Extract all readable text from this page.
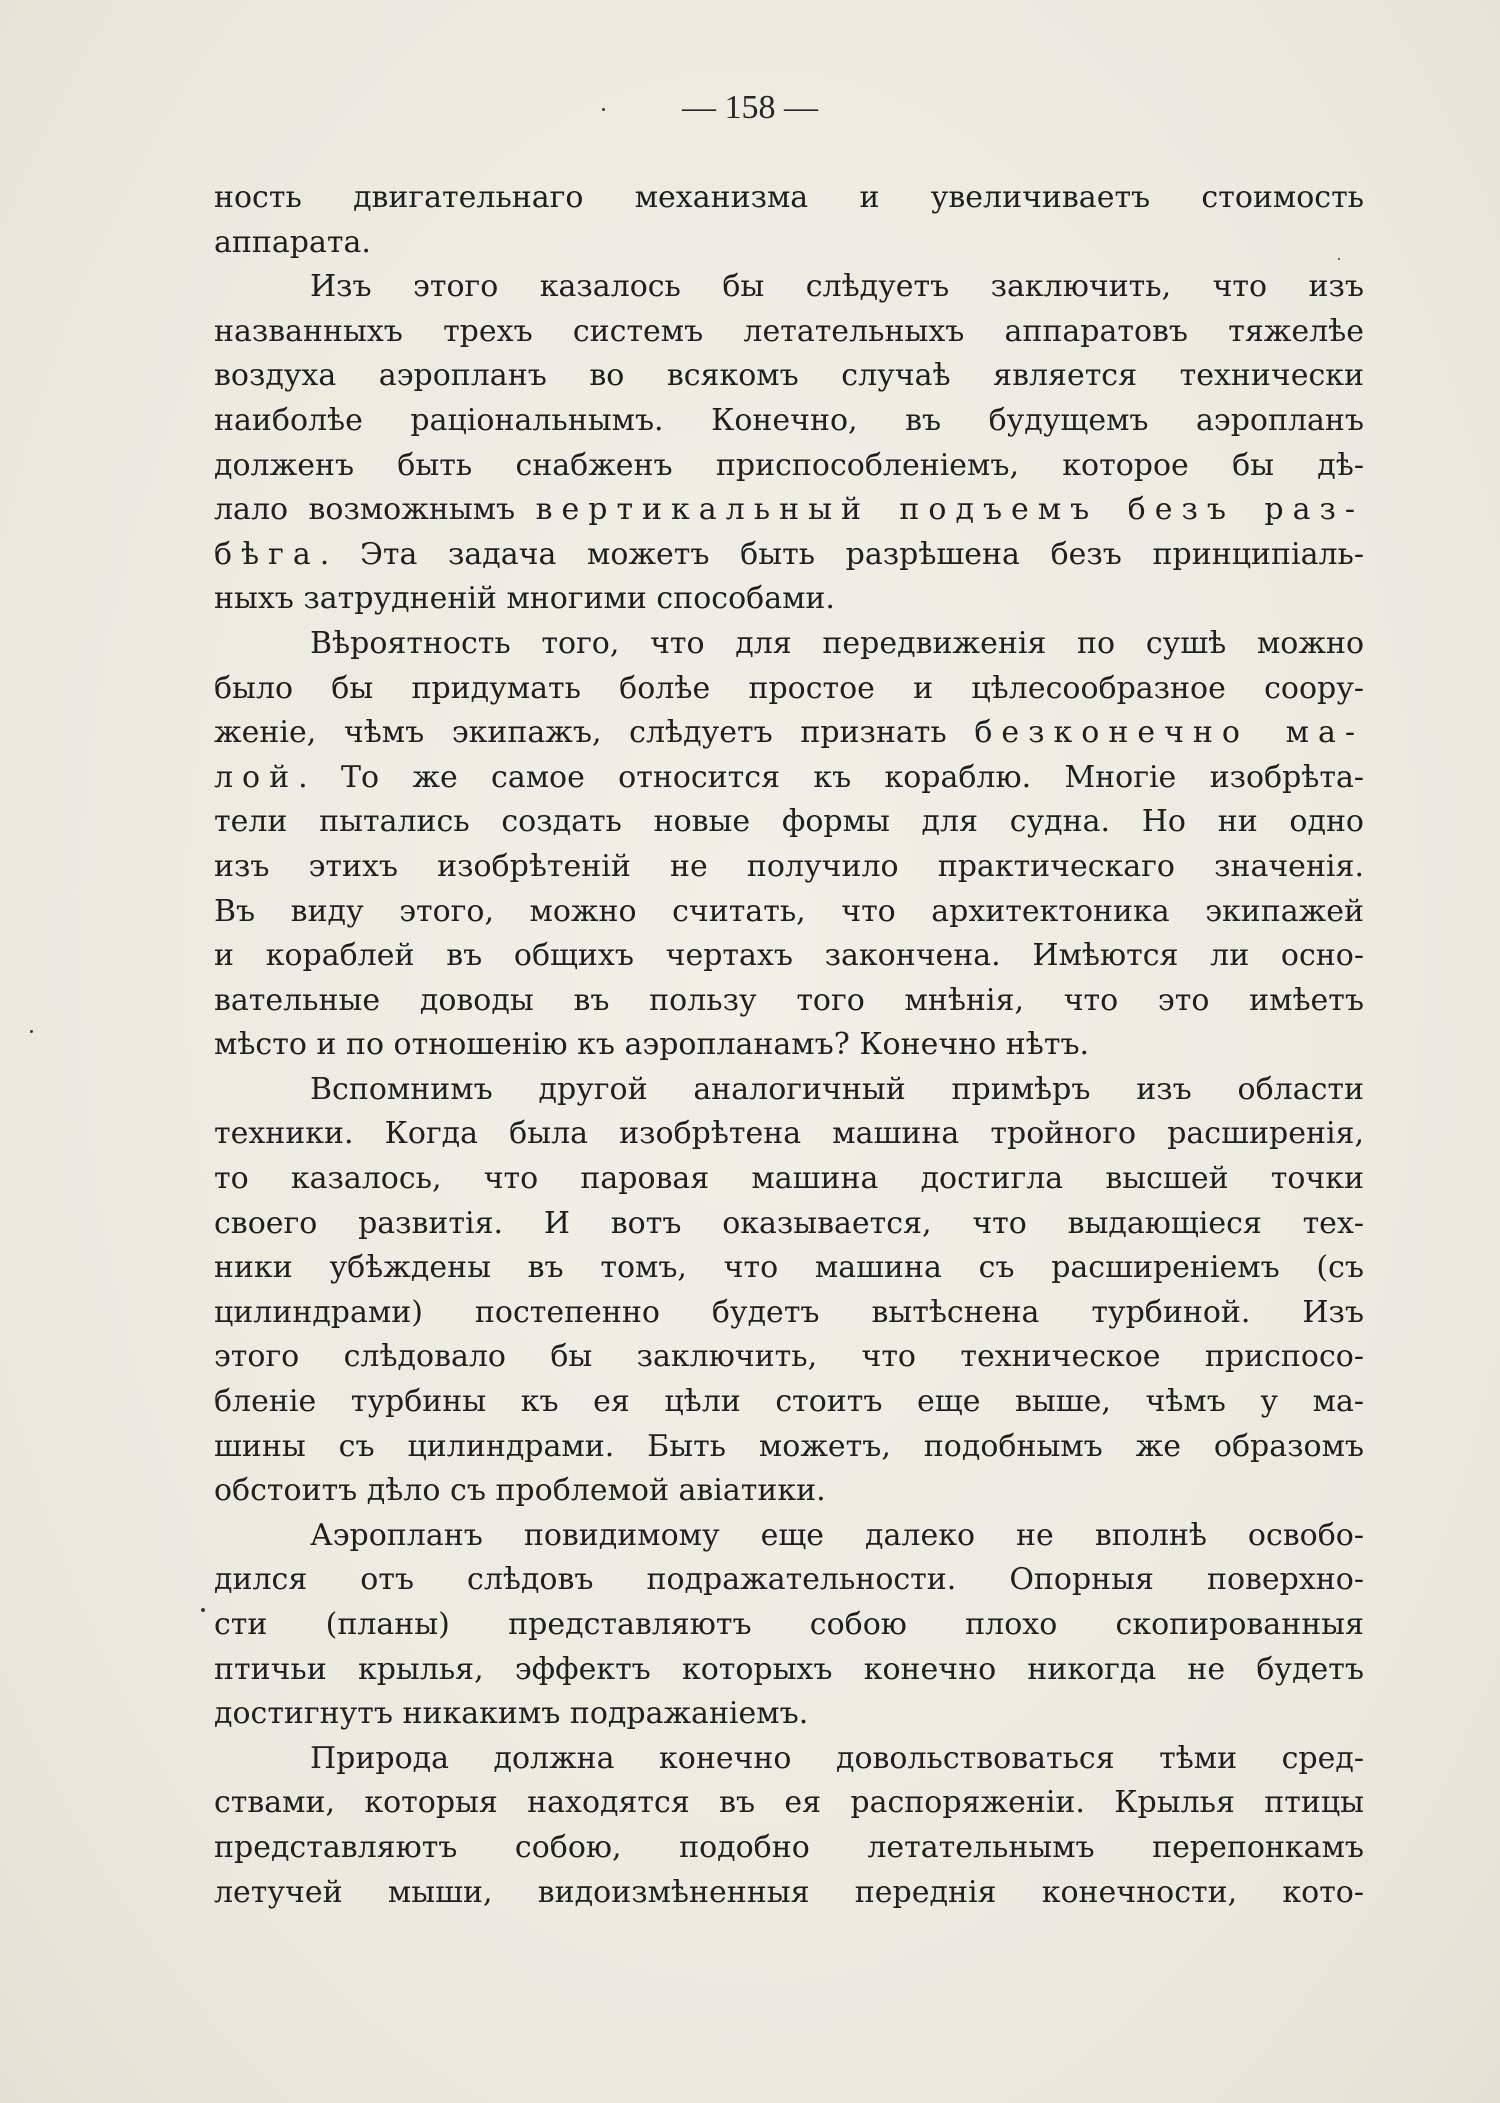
— 158 —
ность двигательнаго механизма и увеличиваетъ стоимость
аппарата.
Изъ этого казалось бы слѣдуетъ заключить, что изъ
названныхъ трехъ системъ летательныхъ аппаратовъ тяжелѣе
воздуха аэропланъ во всякомъ случаѣ является технически
наиболѣе раціональнымъ. Конечно, въ будущемъ аэропланъ
долженъ быть снабженъ приспособленіемъ, которое бы дѣ-
лало возможнымъ вертикальный подъемъ безъ раз-
бѣга. Эта задача можетъ быть разрѣшена безъ принципіаль-
ныхъ затрудненій многими способами.
Вѣроятность того, что для передвиженія по сушѣ можно
было бы придумать болѣе простое и цѣлесообразное соору-
женіе, чѣмъ экипажъ, слѣдуетъ признать безконечно ма-
лой. То же самое относится къ кораблю. Многіе изобрѣта-
тели пытались создать новые формы для судна. Но ни одно
изъ этихъ изобрѣтеній не получило практическаго значенія.
Въ виду этого, можно считать, что архитектоника экипажей
и кораблей въ общихъ чертахъ закончена. Имѣются ли осно-
вательные доводы въ пользу того мнѣнія, что это имѣетъ
мѣсто и по отношенію къ аэропланамъ? Конечно нѣтъ.
Вспомнимъ другой аналогичный примѣръ изъ области
техники. Когда была изобрѣтена машина тройного расширенія,
то казалось, что паровая машина достигла высшей точки
своего развитія. И вотъ оказывается, что выдающіеся тех-
ники убѣждены въ томъ, что машина съ расширеніемъ (съ
цилиндрами) постепенно будетъ вытѣснена турбиной. Изъ
этого слѣдовало бы заключить, что техническое приспосо-
бленіе турбины къ ея цѣли стоитъ еще выше, чѣмъ у ма-
шины съ цилиндрами. Быть можетъ, подобнымъ же образомъ
обстоитъ дѣло съ проблемой авіатики.
Аэропланъ повидимому еще далеко не вполнѣ освобо-
дился отъ слѣдовъ подражательности. Опорныя поверхно-
сти (планы) представляютъ собою плохо скопированныя
птичьи крылья, эффектъ которыхъ конечно никогда не будетъ
достигнутъ никакимъ подражаніемъ.
Природа должна конечно довольствоваться тѣми сред-
ствами, которыя находятся въ ея распоряженіи. Крылья птицы
представляютъ собою, подобно летательнымъ перепонкамъ
летучей мыши, видоизмѣненныя переднія конечности, кото-
